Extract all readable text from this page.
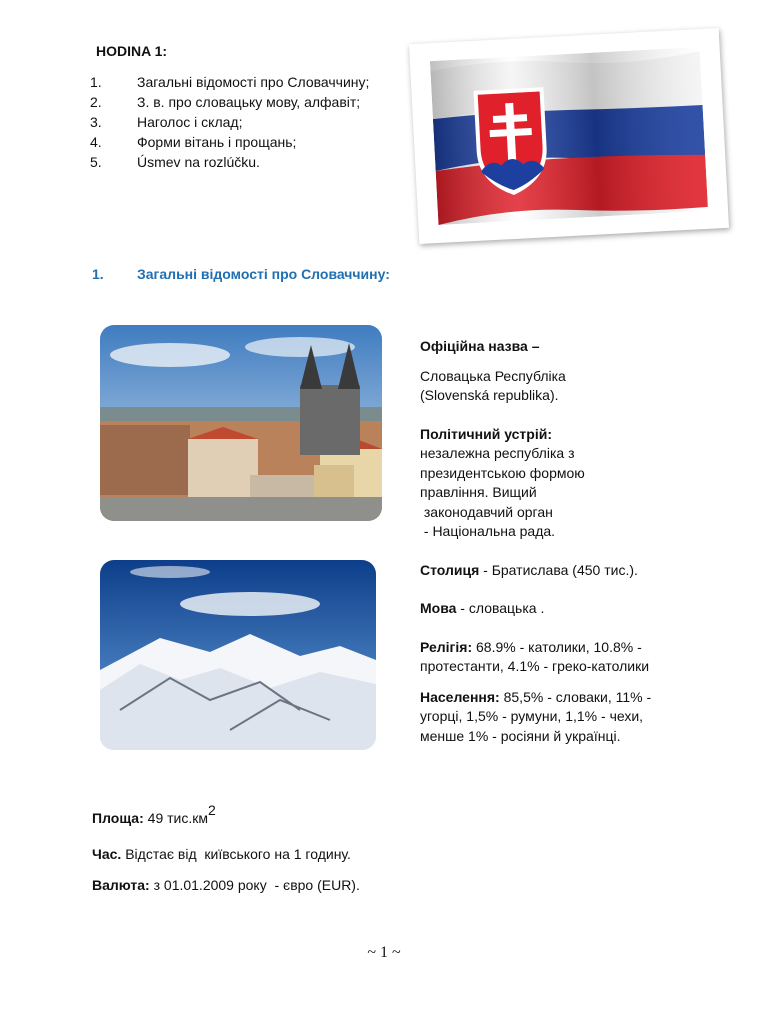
HODINA 1:
1.	Загальні відомості про Словаччину;
2.	З. в. про словацьку мову, алфавіт;
3.	Наголос і склад;
4.	Форми вітань і прощань;
5.	Úsmev na rozlúčku.
1. Загальні відомості про Словаччину:
Офіційна назва –
Словацька Республіка
(Slovenská republika).
Політичний устрій:
незалежна республіка з
президентською формою
правління. Вищий
законодавчий орган
- Національна рада.
Столиця - Братислава (450 тис.).
Мова - словацька .
Релігія: 68.9% - католики, 10.8% -
протестанти, 4.1% - греко-католики
Населення: 85,5% - словаки, 11% -
угорці, 1,5% - румуни, 1,1% - чехи,
менше 1% - росіяни й українці.
Площа: 49 тис.км2
Час. Відстає від  київського на 1 годину.
Валюта: з 01.01.2009 року  - євро (EUR).
~ 1 ~
